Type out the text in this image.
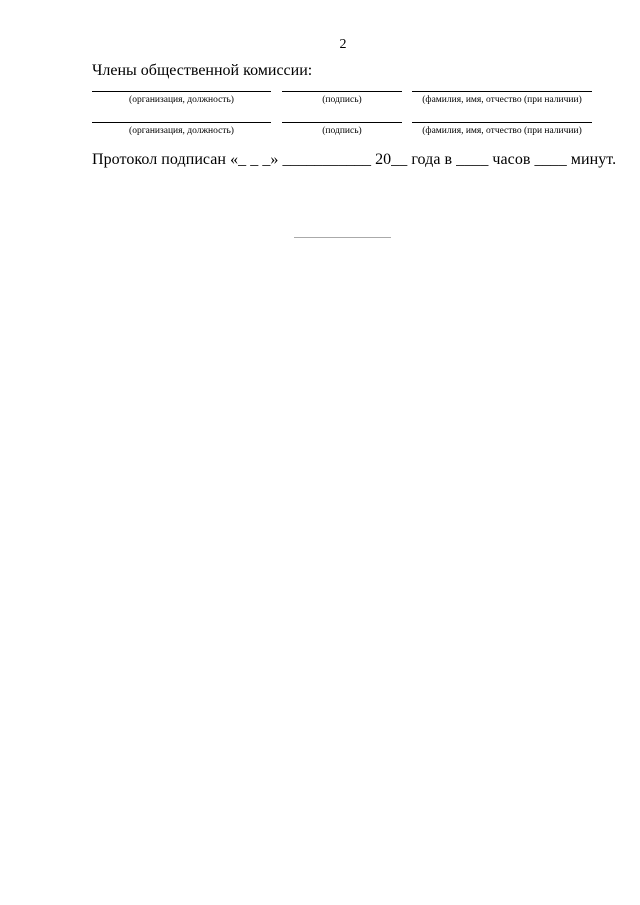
2
Члены общественной комиссии:
(организация, должность)	(подпись)	(фамилия, имя, отчество (при наличии)
(организация, должность)	(подпись)	(фамилия, имя, отчество (при наличии)
Протокол подписан «_ _ _» ___________ 20__ года в ____ часов ____ минут.
